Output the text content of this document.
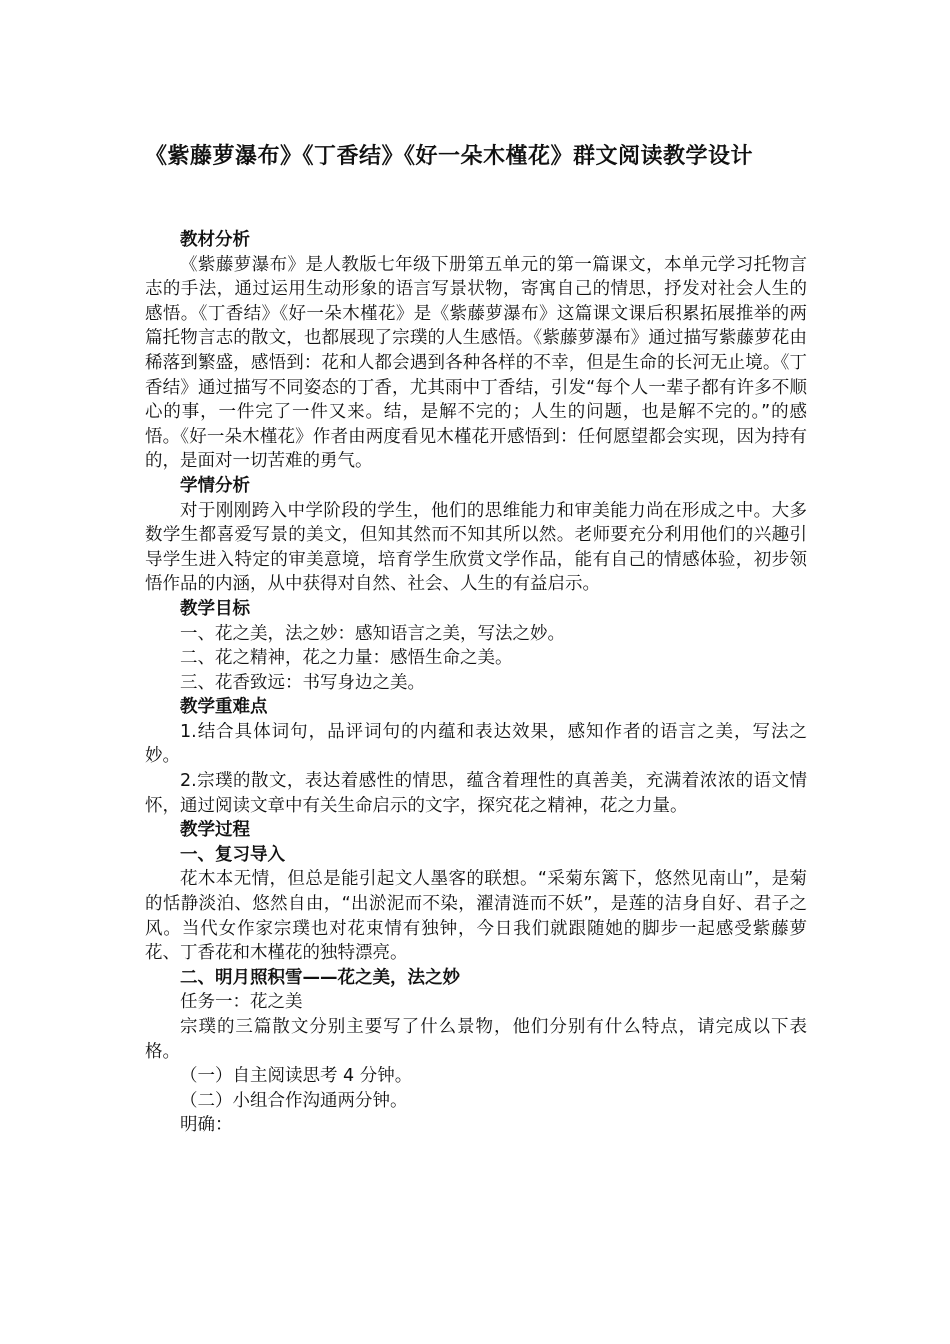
《紫藤萝瀑布》《丁香结》《好一朵木槿花》群文阅读教学设计

教材分析

《紫藤萝瀑布》是人教版七年级下册第五单元的第一篇课文，本单元学习托物言志的手法，通过运用生动形象的语言写景状物，寄寓自己的情思，抒发对社会人生的感悟。《丁香结》《好一朵木槿花》是《紫藤萝瀑布》这篇课文课后积累拓展推举的两篇托物言志的散文，也都展现了宗璞的人生感悟。《紫藤萝瀑布》通过描写紫藤萝花由稀落到繁盛，感悟到：花和人都会遇到各种各样的不幸，但是生命的长河无止境。《丁香结》通过描写不同姿态的丁香，尤其雨中丁香结，引发“每个人一辈子都有许多不顺心的事，一件完了一件又来。结，是解不完的；人生的问题，也是解不完的。”的感悟。《好一朵木槿花》作者由两度看见木槿花开感悟到：任何愿望都会实现，因为持有的，是面对一切苦难的勇气。

学情分析

对于刚刚跨入中学阶段的学生，他们的思维能力和审美能力尚在形成之中。大多数学生都喜爱写景的美文，但知其然而不知其所以然。老师要充分利用他们的兴趣引导学生进入特定的审美意境，培育学生欣赏文学作品，能有自己的情感体验，初步领悟作品的内涵，从中获得对自然、社会、人生的有益启示。

教学目标

一、花之美，法之妙：感知语言之美，写法之妙。

二、花之精神，花之力量：感悟生命之美。

三、花香致远：书写身边之美。

教学重难点

1.结合具体词句，品评词句的内蕴和表达效果，感知作者的语言之美，写法之妙。

2.宗璞的散文，表达着感性的情思，蕴含着理性的真善美，充满着浓浓的语文情怀，通过阅读文章中有关生命启示的文字，探究花之精神，花之力量。

教学过程

一、复习导入

花木本无情，但总是能引起文人墨客的联想。“采菊东篱下，悠然见南山”，是菊的恬静淡泊、悠然自由，“出淤泥而不染，濯清涟而不妖”，是莲的洁身自好、君子之风。当代女作家宗璞也对花束情有独钟，今日我们就跟随她的脚步一起感受紫藤萝花、丁香花和木槿花的独特漂亮。

二、明月照积雪——花之美，法之妙

任务一：花之美

宗璞的三篇散文分别主要写了什么景物，他们分别有什么特点，请完成以下表格。

（一）自主阅读思考 4 分钟。

（二）小组合作沟通两分钟。

明确：
